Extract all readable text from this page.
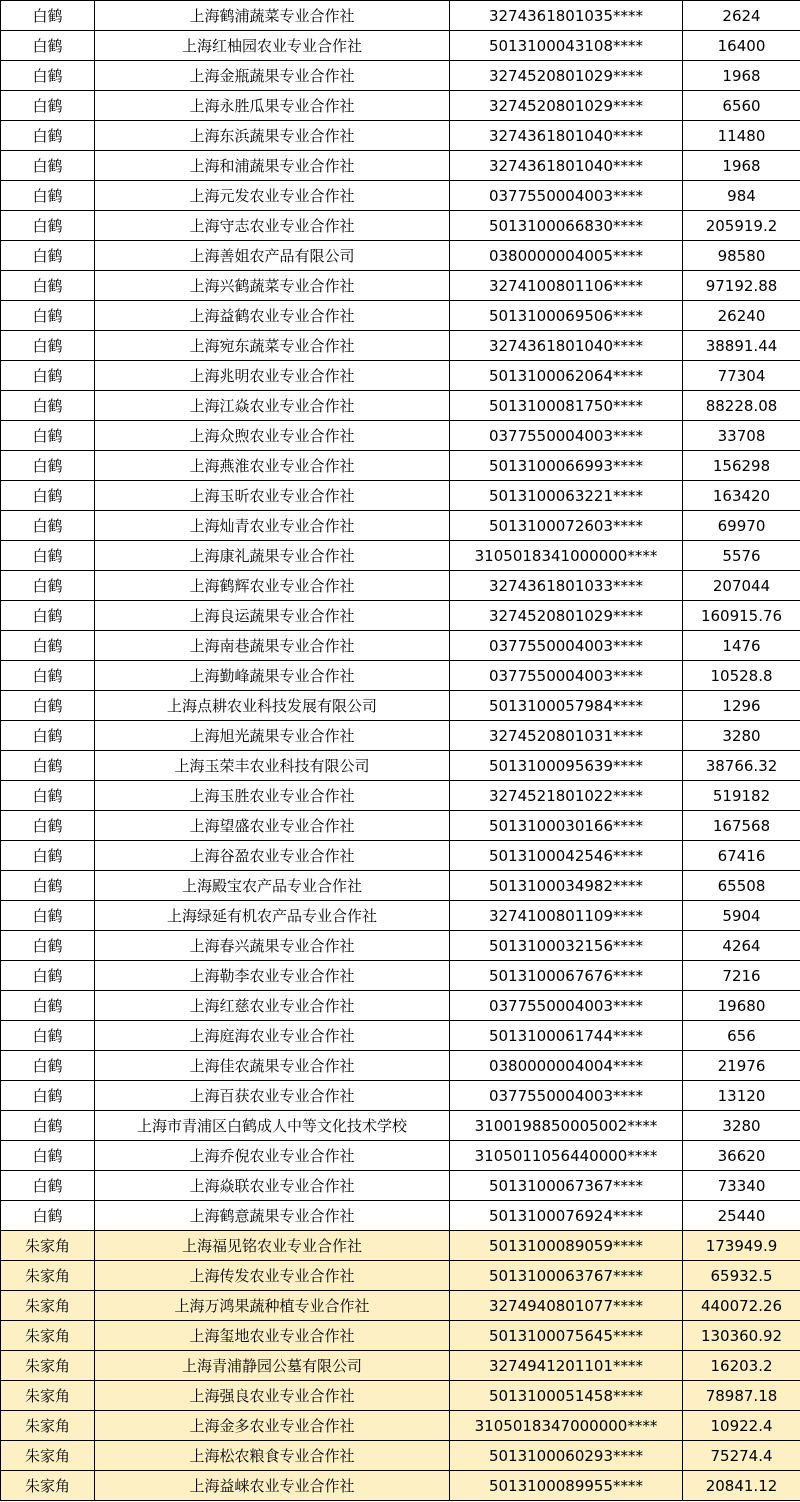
白鹤	上海鹤浦蔬菜专业合作社	3274361801035****	2624
白鹤	上海红柚园农业专业合作社	5013100043108****	16400
白鹤	上海金瓶蔬果专业合作社	3274520801029****	1968
白鹤	上海永胜瓜果专业合作社	3274520801029****	6560
白鹤	上海东浜蔬果专业合作社	3274361801040****	11480
白鹤	上海和浦蔬果专业合作社	3274361801040****	1968
白鹤	上海元发农业专业合作社	0377550004003****	984
白鹤	上海守志农业专业合作社	5013100066830****	205919.2
白鹤	上海善姐农产品有限公司	0380000004005****	98580
白鹤	上海兴鹤蔬菜专业合作社	3274100801106****	97192.88
白鹤	上海益鹤农业专业合作社	5013100069506****	26240
白鹤	上海宛东蔬菜专业合作社	3274361801040****	38891.44
白鹤	上海兆明农业专业合作社	5013100062064****	77304
白鹤	上海江焱农业专业合作社	5013100081750****	88228.08
白鹤	上海众煦农业专业合作社	0377550004003****	33708
白鹤	上海燕淮农业专业合作社	5013100066993****	156298
白鹤	上海玉昕农业专业合作社	5013100063221****	163420
白鹤	上海灿青农业专业合作社	5013100072603****	69970
白鹤	上海康礼蔬果专业合作社	3105018341000000****	5576
白鹤	上海鹤辉农业专业合作社	3274361801033****	207044
白鹤	上海良运蔬果专业合作社	3274520801029****	160915.76
白鹤	上海南巷蔬果专业合作社	0377550004003****	1476
白鹤	上海勤峰蔬果专业合作社	0377550004003****	10528.8
白鹤	上海点耕农业科技发展有限公司	5013100057984****	1296
白鹤	上海旭光蔬果专业合作社	3274520801031****	3280
白鹤	上海玉荣丰农业科技有限公司	5013100095639****	38766.32
白鹤	上海玉胜农业专业合作社	3274521801022****	519182
白鹤	上海望盛农业专业合作社	5013100030166****	167568
白鹤	上海谷盈农业专业合作社	5013100042546****	67416
白鹤	上海殿宝农产品专业合作社	5013100034982****	65508
白鹤	上海绿延有机农产品专业合作社	3274100801109****	5904
白鹤	上海春兴蔬果专业合作社	5013100032156****	4264
白鹤	上海勒李农业专业合作社	5013100067676****	7216
白鹤	上海红慈农业专业合作社	0377550004003****	19680
白鹤	上海庭海农业专业合作社	5013100061744****	656
白鹤	上海佳农蔬果专业合作社	0380000004004****	21976
白鹤	上海百获农业专业合作社	0377550004003****	13120
白鹤	上海市青浦区白鹤成人中等文化技术学校	3100198850005002****	3280
白鹤	上海乔倪农业专业合作社	3105011056440000****	36620
白鹤	上海焱联农业专业合作社	5013100067367****	73340
白鹤	上海鹤意蔬果专业合作社	5013100076924****	25440
朱家角	上海福见铭农业专业合作社	5013100089059****	173949.9
朱家角	上海传发农业专业合作社	5013100063767****	65932.5
朱家角	上海万鸿果蔬种植专业合作社	3274940801077****	440072.26
朱家角	上海玺地农业专业合作社	5013100075645****	130360.92
朱家角	上海青浦静园公墓有限公司	3274941201101****	16203.2
朱家角	上海强良农业专业合作社	5013100051458****	78987.18
朱家角	上海金多农业专业合作社	3105018347000000****	10922.4
朱家角	上海松农粮食专业合作社	5013100060293****	75274.4
朱家角	上海益崃农业专业合作社	5013100089955****	20841.12
